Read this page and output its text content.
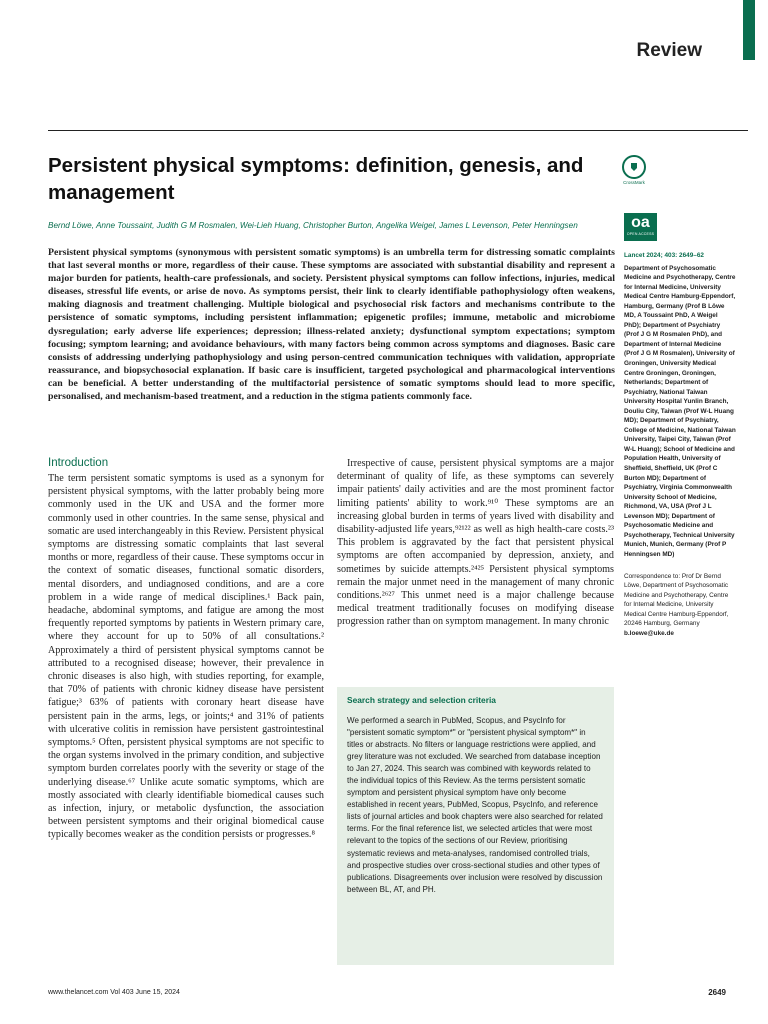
Review
Persistent physical symptoms: definition, genesis, and management	CrossMark
oa
OPEN ACCESS

Bernd Löwe, Anne Toussaint, Judith G M Rosmalen, Wei-Lieh Huang, Christopher Burton, Angelika Weigel, James L Levenson, Peter Henningsen

Persistent physical symptoms (synonymous with persistent somatic symptoms) is an umbrella term for distressing somatic complaints that last several months or more, regardless of their cause. These symptoms are associated with substantial disability and represent a major burden for patients, health-care professionals, and society. Persistent physical symptoms can follow infections, injuries, medical diseases, stressful life events, or arise de novo. As symptoms persist, their link to clearly identifiable pathophysiology often weakens, making diagnosis and treatment challenging. Multiple biological and psychosocial risk factors and mechanisms contribute to the persistence of somatic symptoms, including persistent inflammation; epigenetic profiles; immune, metabolic and microbiome dysregulation; early adverse life experiences; depression; illness-related anxiety; dysfunctional symptom expectations; symptom focusing; symptom learning; and avoidance behaviours, with many factors being common across symptoms and diagnoses. Basic care consists of addressing underlying pathophysiology and using person-centred communication techniques with validation, appropriate reassurance, and biopsychosocial explanation. If basic care is insufficient, targeted psychological and pharmacological interventions can be beneficial. A better understanding of the multifactorial persistence of somatic symptoms should lead to more specific, personalised, and mechanism-based treatment, and a reduction in the stigma patients commonly face.

Introduction

The term persistent somatic symptoms is used as a synonym for persistent physical symptoms, with the latter probably being more commonly used in the UK and USA and the former more commonly used in other countries. In the same sense, physical and somatic are used interchangeably in this Review. Persistent physical symptoms are distressing somatic complaints that last several months or more, regardless of their cause. These symptoms occur in the context of somatic diseases, functional somatic disorders, mental disorders, and undiagnosed conditions, and are a core problem in a wide range of medical disciplines.¹ Back pain, headache, abdominal symptoms, and fatigue are among the most frequently reported symptoms by patients in Western primary care, where they account for up to 50% of all consultations.² Approximately a third of persistent physical symptoms cannot be attributed to a recognised disease; however, their prevalence in chronic diseases is also high, with studies reporting, for example, that 70% of patients with chronic kidney disease have persistent fatigue;³ 63% of patients with coronary heart disease have persistent pain in the arms, legs, or joints;⁴ and 31% of patients with ulcerative colitis in remission have persistent gastrointestinal symptoms.⁵ Often, persistent physical symptoms are not specific to the organ systems involved in the primary condition, and subjective symptom burden correlates poorly with the severity or stage of the underlying disease.⁶⁷ Unlike acute somatic symptoms, which are mostly associated with clearly identifiable biomedical causes such as infection, injury, or metabolic dysfunction, the association between persistent symptoms and their original biomedical cause typically becomes weaker as the condition persists or progresses.⁸

Irrespective of cause, persistent physical symptoms are a major determinant of quality of life, as these symptoms can severely impair patients' daily activities and are the most prominent factor limiting patients' ability to work.⁹¹⁰ These symptoms are an increasing global burden in terms of years lived with disability and disability-adjusted life years,⁹²¹²² as well as high health-care costs.²³ This problem is aggravated by the fact that persistent physical symptoms are often accompanied by depression, anxiety, and sometimes by suicide attempts.²⁴²⁵ Persistent physical symptoms remain the major unmet need in the management of many chronic conditions.²⁶²⁷ This unmet need is a major challenge because medical treatment traditionally focuses on modifying disease progression rather than on symptom management. In many chronic

Search strategy and selection criteria

We performed a search in PubMed, Scopus, and PsycInfo for "persistent somatic symptom*" or "persistent physical symptom*" in titles or abstracts. No filters or language restrictions were applied, and grey literature was not excluded. We searched from database inception to Jan 27, 2024. This search was combined with keywords related to the individual topics of this Review. As the terms persistent somatic symptom and persistent physical symptom have only become established in recent years, PubMed, Scopus, PsycInfo, and reference lists of journal articles and book chapters were also searched for related terms. For the final reference list, we selected articles that were most relevant to the topics of the sections of our Review, prioritising systematic reviews and meta-analyses, randomised controlled trials, and prospective studies over cross-sectional studies and other types of publications. Disagreements over inclusion were resolved by discussion between BL, AT, and PH.

Lancet 2024; 403: 2649–62

Department of Psychosomatic Medicine and Psychotherapy, Centre for Internal Medicine, University Medical Centre Hamburg-Eppendorf, Hamburg, Germany (Prof B Löwe MD, A Toussaint PhD, A Weigel PhD); Department of Psychiatry (Prof J G M Rosmalen PhD), and Department of Internal Medicine (Prof J G M Rosmalen), University of Groningen, University Medical Centre Groningen, Groningen, Netherlands; Department of Psychiatry, National Taiwan University Hospital Yunlin Branch, Douliu City, Taiwan (Prof W-L Huang MD); Department of Psychiatry, College of Medicine, National Taiwan University, Taipei City, Taiwan (Prof W-L Huang); School of Medicine and Population Health, University of Sheffield, Sheffield, UK (Prof C Burton MD); Department of Psychiatry, Virginia Commonwealth University School of Medicine, Richmond, VA, USA (Prof J L Levenson MD); Department of Psychosomatic Medicine and Psychotherapy, Technical University Munich, Munich, Germany (Prof P Henningsen MD)

Correspondence to: Prof Dr Bernd Löwe, Department of Psychosomatic Medicine and Psychotherapy, Centre for Internal Medicine, University Medical Centre Hamburg-Eppendorf, 20246 Hamburg, Germany

b.loewe@uke.de

www.thelancet.com Vol 403 June 15, 2024	2649
